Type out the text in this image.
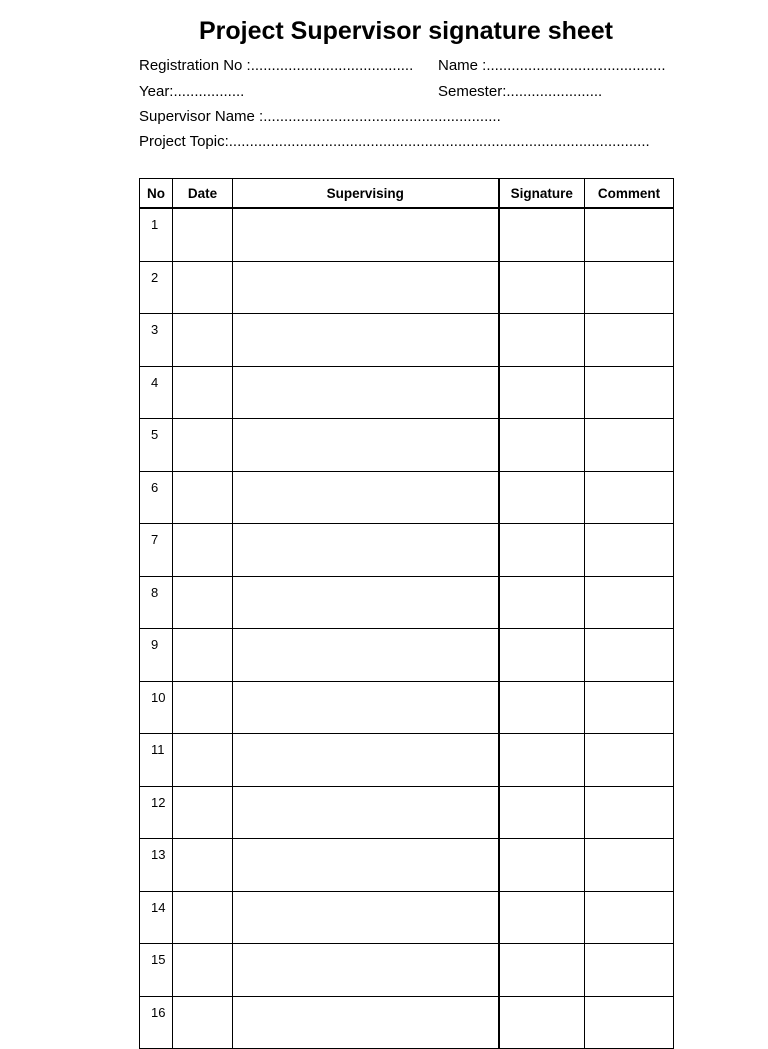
Project Supervisor signature sheet
Registration No :....................................... Name :...........................................
Year:.................	Semester:.......................
Supervisor Name :.........................................................
Project Topic:.....................................................................................................
No	Date	Supervising	Signature	Comment
1				
2				
3				
4				
5				
6				
7				
8				
9				
10				
11				
12				
13				
14				
15				
16				
